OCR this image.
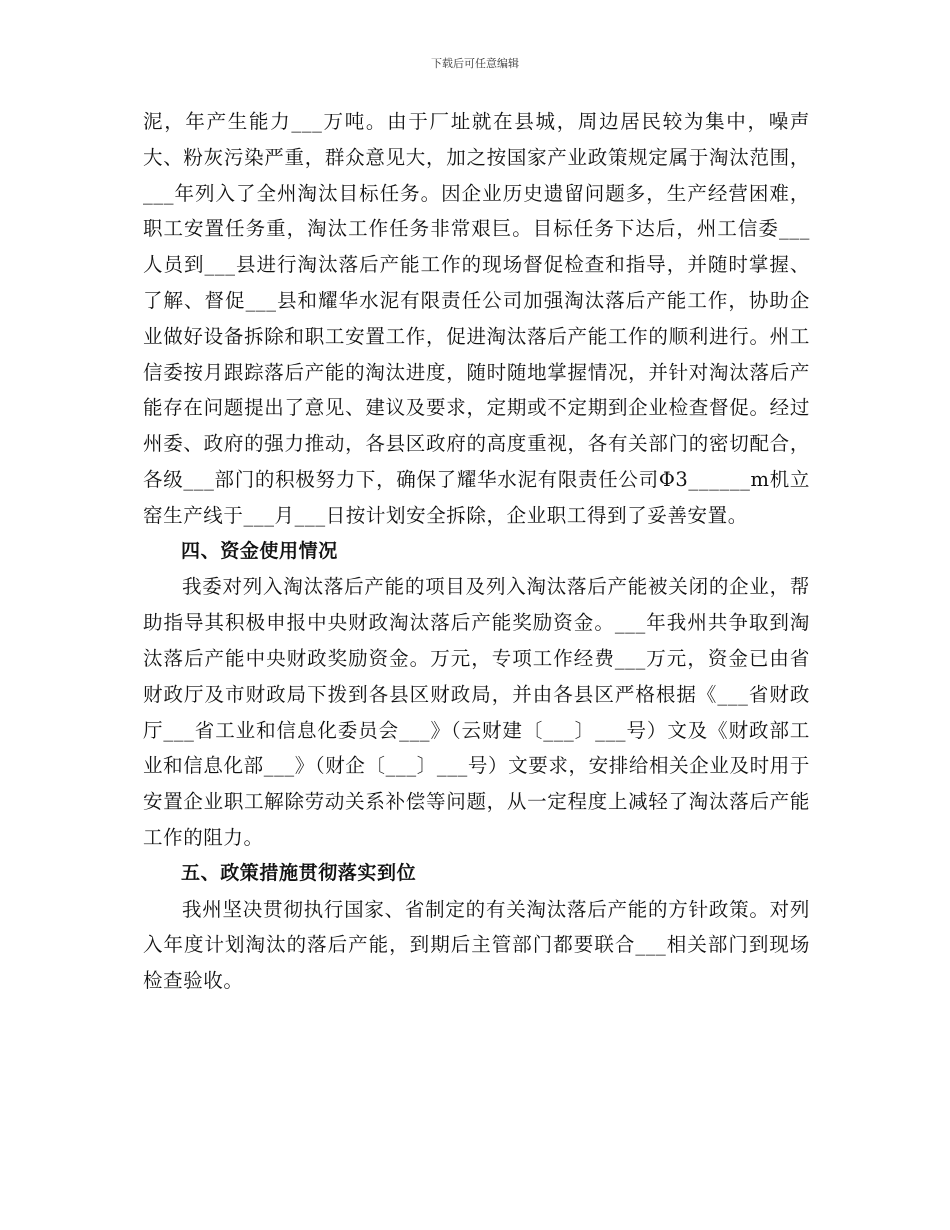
下载后可任意编辑

泥，年产生能力___万吨。由于厂址就在县城，周边居民较为集中，噪声大、粉灰污染严重，群众意见大，加之按国家产业政策规定属于淘汰范围，___年列入了全州淘汰目标任务。因企业历史遗留问题多，生产经营困难，职工安置任务重，淘汰工作任务非常艰巨。目标任务下达后，州工信委___人员到___县进行淘汰落后产能工作的现场督促检查和指导，并随时掌握、了解、督促___县和耀华水泥有限责任公司加强淘汰落后产能工作，协助企业做好设备拆除和职工安置工作，促进淘汰落后产能工作的顺利进行。州工信委按月跟踪落后产能的淘汰进度，随时随地掌握情况，并针对淘汰落后产能存在问题提出了意见、建议及要求，定期或不定期到企业检查督促。经过州委、政府的强力推动，各县区政府的高度重视，各有关部门的密切配合，各级___部门的积极努力下，确保了耀华水泥有限责任公司Φ3______m机立窑生产线于___月___日按计划安全拆除，企业职工得到了妥善安置。

四、资金使用情况

我委对列入淘汰落后产能的项目及列入淘汰落后产能被关闭的企业，帮助指导其积极申报中央财政淘汰落后产能奖励资金。___年我州共争取到淘汰落后产能中央财政奖励资金。万元，专项工作经费___万元，资金已由省财政厅及市财政局下拨到各县区财政局，并由各县区严格根据《___省财政厅___省工业和信息化委员会___》（云财建〔___〕___号）文及《财政部工业和信息化部___》（财企〔___〕___号）文要求，安排给相关企业及时用于安置企业职工解除劳动关系补偿等问题，从一定程度上减轻了淘汰落后产能工作的阻力。

五、政策措施贯彻落实到位

我州坚决贯彻执行国家、省制定的有关淘汰落后产能的方针政策。对列入年度计划淘汰的落后产能，到期后主管部门都要联合___相关部门到现场检查验收。
